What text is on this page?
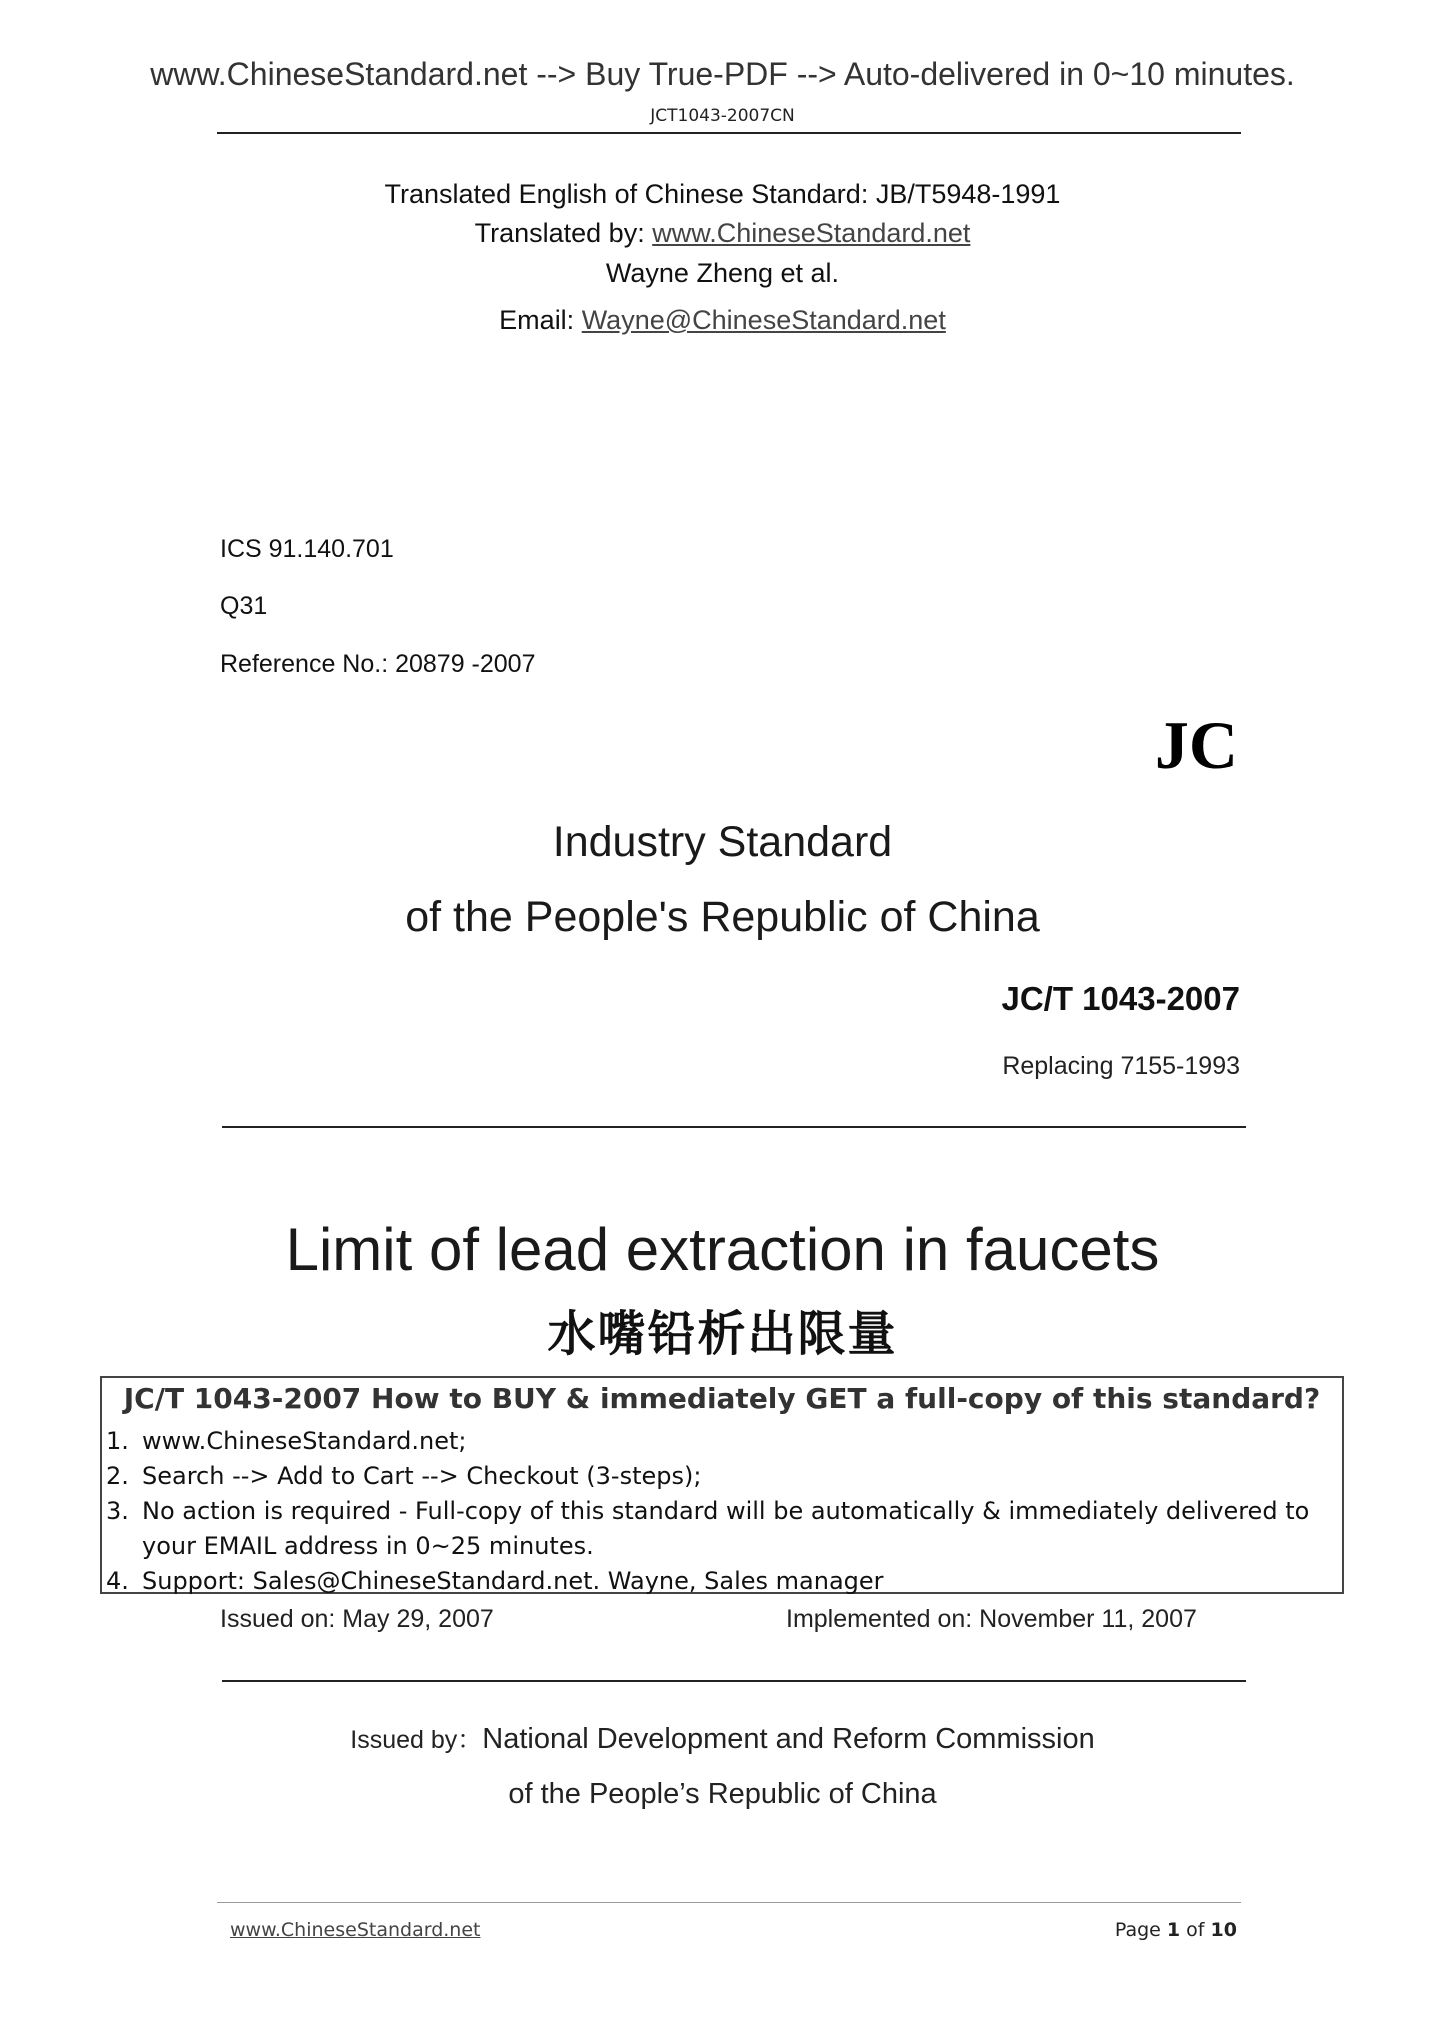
www.ChineseStandard.net --> Buy True-PDF --> Auto-delivered in 0~10 minutes.
JCT1043-2007CN
Translated English of Chinese Standard: JB/T5948-1991
Translated by: www.ChineseStandard.net
Wayne Zheng et al.
Email: Wayne@ChineseStandard.net
ICS 91.140.701
Q31
Reference No.: 20879 -2007
JC
Industry Standard
of the People's Republic of China
JC/T 1043-2007
Replacing 7155-1993
Limit of lead extraction in faucets
水嘴铅析出限量
JC/T 1043-2007 How to BUY & immediately GET a full-copy of this standard?
1. www.ChineseStandard.net;
2. Search --> Add to Cart --> Checkout (3-steps);
3. No action is required - Full-copy of this standard will be automatically & immediately delivered to your EMAIL address in 0~25 minutes.
4. Support: Sales@ChineseStandard.net. Wayne, Sales manager
Issued on: May 29, 2007	Implemented on: November 11, 2007
Issued by：National Development and Reform Commission
of the People’s Republic of China
www.ChineseStandard.net	Page 1 of 10
